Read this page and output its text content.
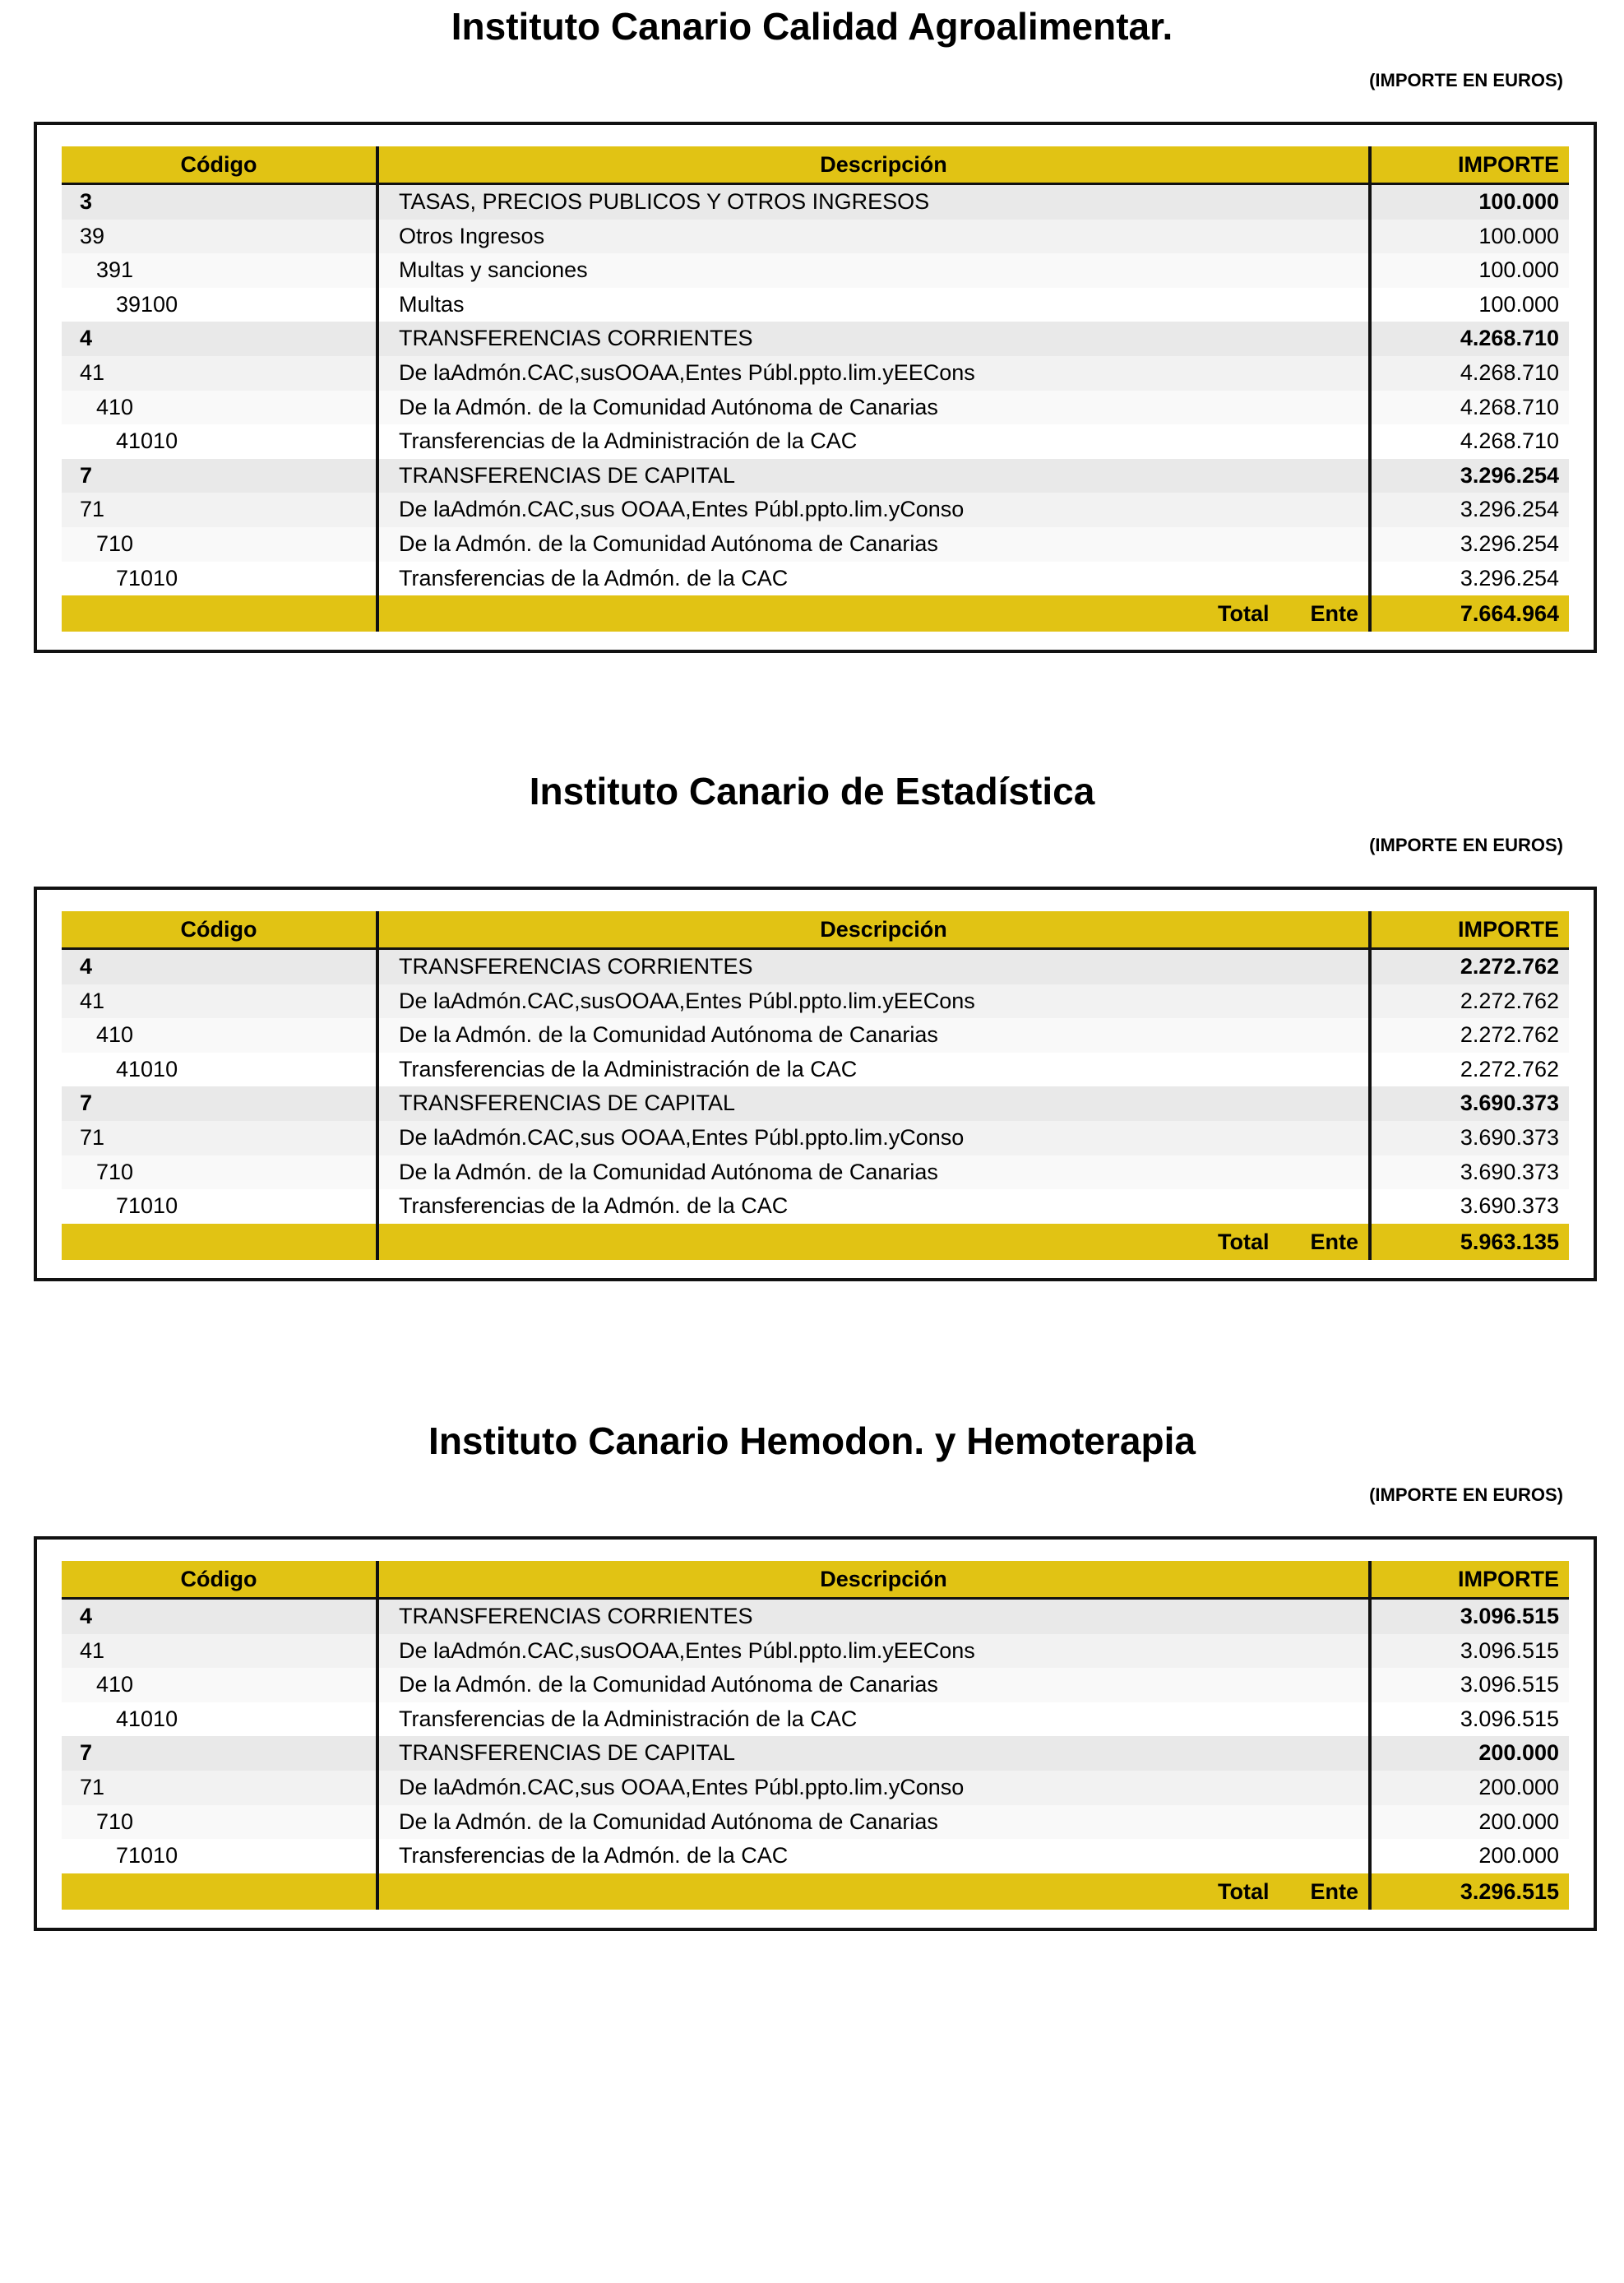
Instituto Canario Calidad Agroalimentar.
(IMPORTE EN EUROS)
Código	Descripción	IMPORTE
3	TASAS, PRECIOS PUBLICOS Y OTROS INGRESOS	100.000
39	Otros Ingresos	100.000
391	Multas y sanciones	100.000
39100	Multas	100.000
4	TRANSFERENCIAS CORRIENTES	4.268.710
41	De laAdmón.CAC,susOOAA,Entes Públ.ppto.lim.yEECons	4.268.710
410	De la Admón. de la Comunidad Autónoma de Canarias	4.268.710
41010	Transferencias de la Administración de la CAC	4.268.710
7	TRANSFERENCIAS DE CAPITAL	3.296.254
71	De laAdmón.CAC,sus OOAA,Entes Públ.ppto.lim.yConso	3.296.254
710	De la Admón. de la Comunidad Autónoma de Canarias	3.296.254
71010	Transferencias de la Admón. de la CAC	3.296.254
	Total Ente	7.664.964
Instituto Canario de Estadística
(IMPORTE EN EUROS)
Código	Descripción	IMPORTE
4	TRANSFERENCIAS CORRIENTES	2.272.762
41	De laAdmón.CAC,susOOAA,Entes Públ.ppto.lim.yEECons	2.272.762
410	De la Admón. de la Comunidad Autónoma de Canarias	2.272.762
41010	Transferencias de la Administración de la CAC	2.272.762
7	TRANSFERENCIAS DE CAPITAL	3.690.373
71	De laAdmón.CAC,sus OOAA,Entes Públ.ppto.lim.yConso	3.690.373
710	De la Admón. de la Comunidad Autónoma de Canarias	3.690.373
71010	Transferencias de la Admón. de la CAC	3.690.373
	Total Ente	5.963.135
Instituto Canario Hemodon. y Hemoterapia
(IMPORTE EN EUROS)
Código	Descripción	IMPORTE
4	TRANSFERENCIAS CORRIENTES	3.096.515
41	De laAdmón.CAC,susOOAA,Entes Públ.ppto.lim.yEECons	3.096.515
410	De la Admón. de la Comunidad Autónoma de Canarias	3.096.515
41010	Transferencias de la Administración de la CAC	3.096.515
7	TRANSFERENCIAS DE CAPITAL	200.000
71	De laAdmón.CAC,sus OOAA,Entes Públ.ppto.lim.yConso	200.000
710	De la Admón. de la Comunidad Autónoma de Canarias	200.000
71010	Transferencias de la Admón. de la CAC	200.000
	Total Ente	3.296.515
